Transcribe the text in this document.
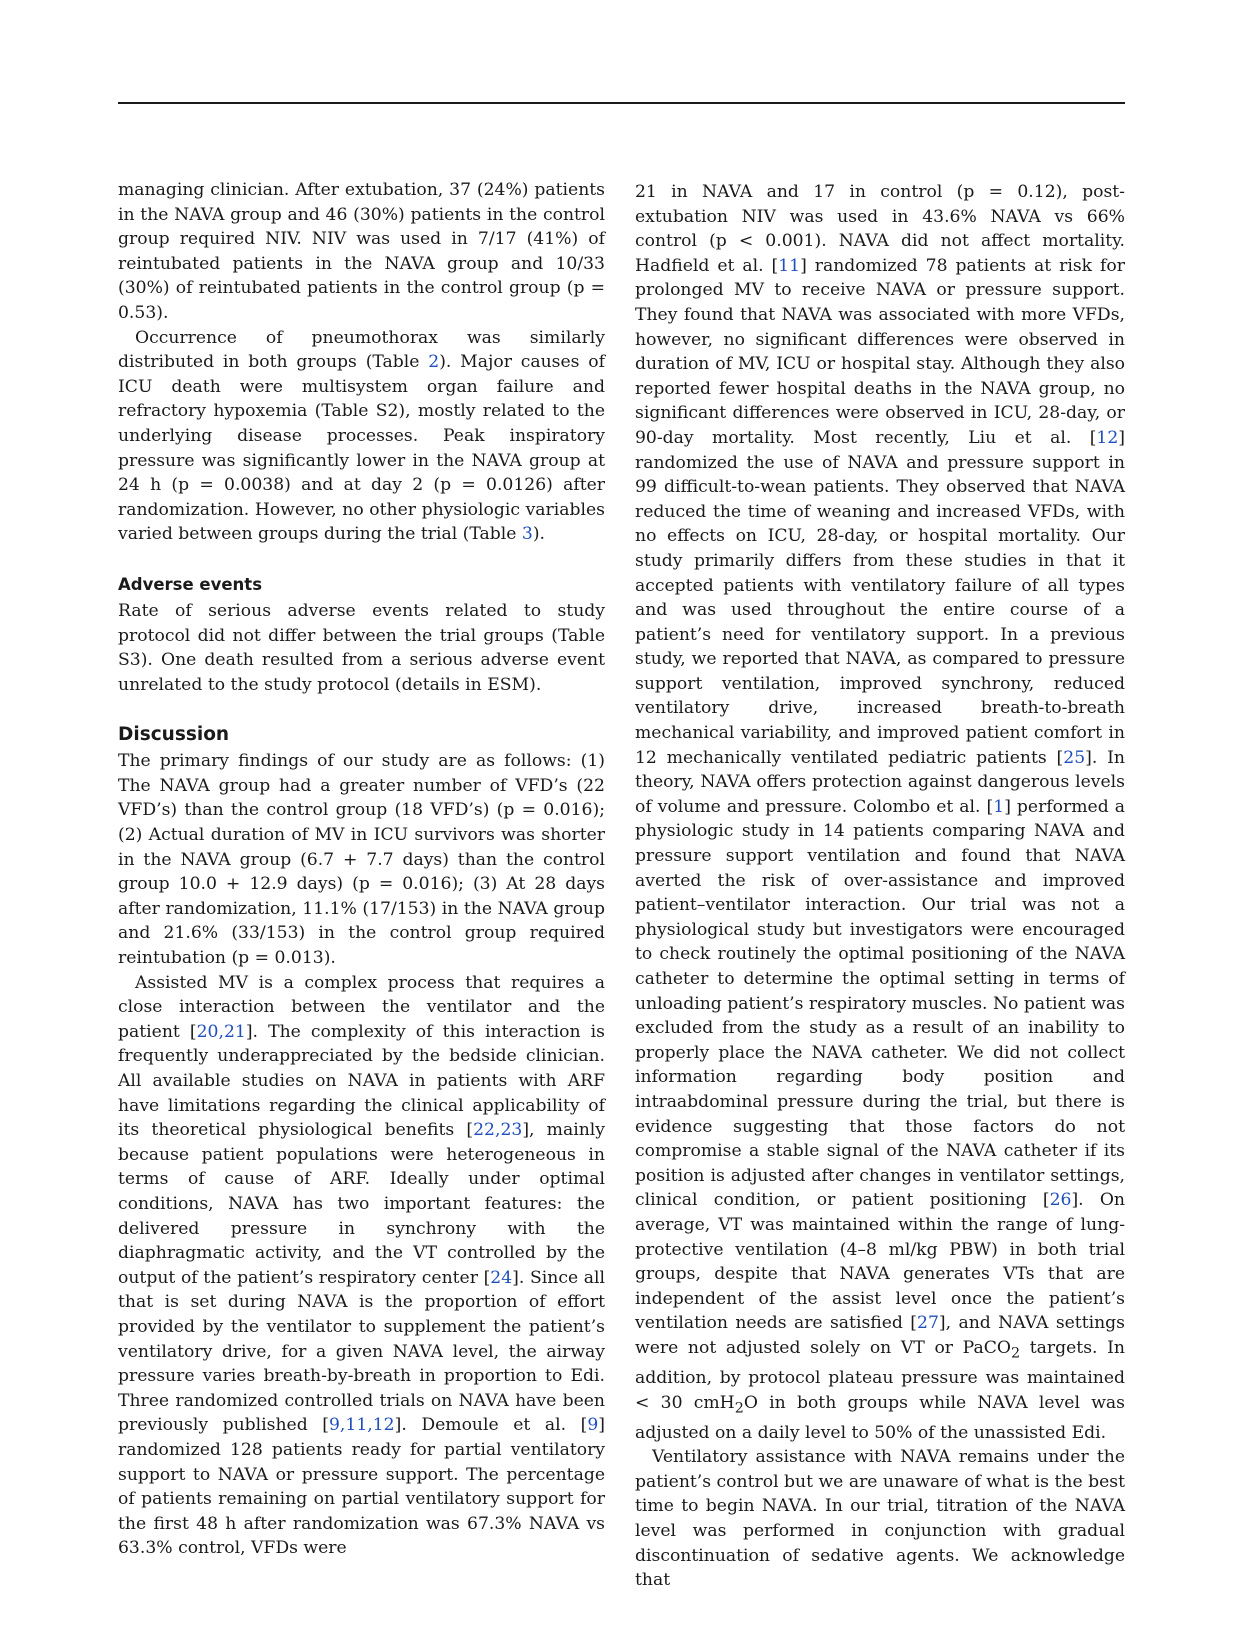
managing clinician. After extubation, 37 (24%) patients in the NAVA group and 46 (30%) patients in the control group required NIV. NIV was used in 7/17 (41%) of reintubated patients in the NAVA group and 10/33 (30%) of reintubated patients in the control group (p = 0.53).

Occurrence of pneumothorax was similarly distributed in both groups (Table 2). Major causes of ICU death were multisystem organ failure and refractory hypoxemia (Table S2), mostly related to the underlying disease processes. Peak inspiratory pressure was significantly lower in the NAVA group at 24 h (p = 0.0038) and at day 2 (p = 0.0126) after randomization. However, no other physiologic variables varied between groups during the trial (Table 3).

Adverse events

Rate of serious adverse events related to study protocol did not differ between the trial groups (Table S3). One death resulted from a serious adverse event unrelated to the study protocol (details in ESM).

Discussion

The primary findings of our study are as follows: (1) The NAVA group had a greater number of VFD’s (22 VFD’s) than the control group (18 VFD’s) (p = 0.016); (2) Actual duration of MV in ICU survivors was shorter in the NAVA group (6.7 + 7.7 days) than the control group 10.0 + 12.9 days) (p = 0.016); (3) At 28 days after randomization, 11.1% (17/153) in the NAVA group and 21.6% (33/153) in the control group required reintubation (p = 0.013).

Assisted MV is a complex process that requires a close interaction between the ventilator and the patient [20,21]. The complexity of this interaction is frequently underappreciated by the bedside clinician. All available studies on NAVA in patients with ARF have limitations regarding the clinical applicability of its theoretical physiological benefits [22,23], mainly because patient populations were heterogeneous in terms of cause of ARF. Ideally under optimal conditions, NAVA has two important features: the delivered pressure in synchrony with the diaphragmatic activity, and the VT controlled by the output of the patient’s respiratory center [24]. Since all that is set during NAVA is the proportion of effort provided by the ventilator to supplement the patient’s ventilatory drive, for a given NAVA level, the airway pressure varies breath-by-breath in proportion to Edi. Three randomized controlled trials on NAVA have been previously published [9,11,12]. Demoule et al. [9] randomized 128 patients ready for partial ventilatory support to NAVA or pressure support. The percentage of patients remaining on partial ventilatory support for the first 48 h after randomization was 67.3% NAVA vs 63.3% control, VFDs were

21 in NAVA and 17 in control (p = 0.12), post-extubation NIV was used in 43.6% NAVA vs 66% control (p < 0.001). NAVA did not affect mortality. Hadfield et al. [11] randomized 78 patients at risk for prolonged MV to receive NAVA or pressure support. They found that NAVA was associated with more VFDs, however, no significant differences were observed in duration of MV, ICU or hospital stay. Although they also reported fewer hospital deaths in the NAVA group, no significant differences were observed in ICU, 28-day, or 90-day mortality. Most recently, Liu et al. [12] randomized the use of NAVA and pressure support in 99 difficult-to-wean patients. They observed that NAVA reduced the time of weaning and increased VFDs, with no effects on ICU, 28-day, or hospital mortality. Our study primarily differs from these studies in that it accepted patients with ventilatory failure of all types and was used throughout the entire course of a patient’s need for ventilatory support. In a previous study, we reported that NAVA, as compared to pressure support ventilation, improved synchrony, reduced ventilatory drive, increased breath-to-breath mechanical variability, and improved patient comfort in 12 mechanically ventilated pediatric patients [25]. In theory, NAVA offers protection against dangerous levels of volume and pressure. Colombo et al. [1] performed a physiologic study in 14 patients comparing NAVA and pressure support ventilation and found that NAVA averted the risk of over-assistance and improved patient–ventilator interaction. Our trial was not a physiological study but investigators were encouraged to check routinely the optimal positioning of the NAVA catheter to determine the optimal setting in terms of unloading patient’s respiratory muscles. No patient was excluded from the study as a result of an inability to properly place the NAVA catheter. We did not collect information regarding body position and intraabdominal pressure during the trial, but there is evidence suggesting that those factors do not compromise a stable signal of the NAVA catheter if its position is adjusted after changes in ventilator settings, clinical condition, or patient positioning [26]. On average, VT was maintained within the range of lung-protective ventilation (4–8 ml/kg PBW) in both trial groups, despite that NAVA generates VTs that are independent of the assist level once the patient’s ventilation needs are satisfied [27], and NAVA settings were not adjusted solely on VT or PaCO$_2$ targets. In addition, by protocol plateau pressure was maintained < 30 cmH$_2$O in both groups while NAVA level was adjusted on a daily level to 50% of the unassisted Edi.

Ventilatory assistance with NAVA remains under the patient’s control but we are unaware of what is the best time to begin NAVA. In our trial, titration of the NAVA level was performed in conjunction with gradual discontinuation of sedative agents. We acknowledge that
